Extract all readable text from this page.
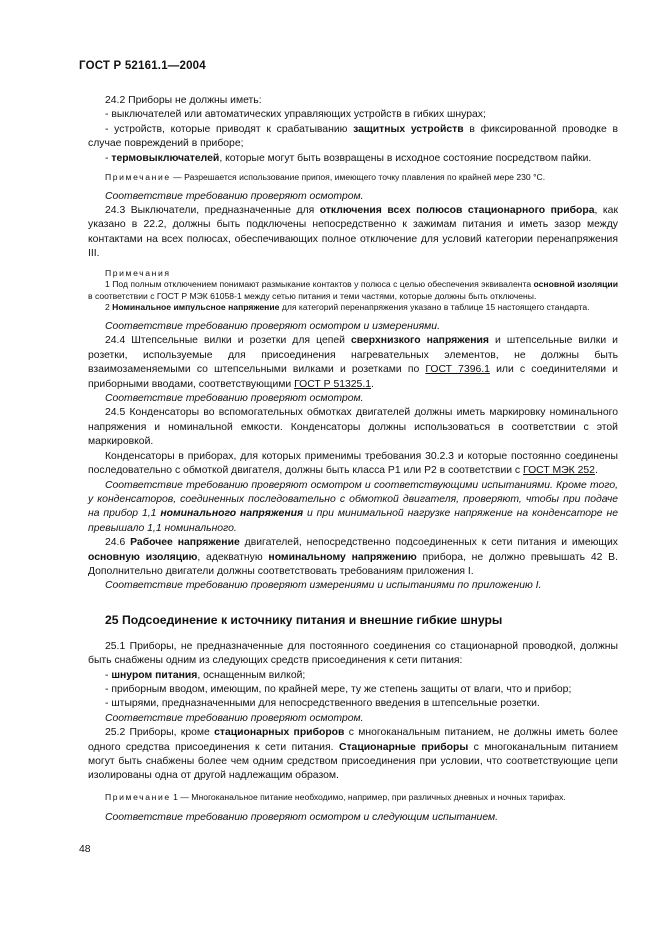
ГОСТ Р 52161.1—2004

24.2 Приборы не должны иметь:

- выключателей или автоматических управляющих устройств в гибких шнурах;

- устройств, которые приводят к срабатыванию защитных устройств в фиксированной проводке в случае повреждений в приборе;

- термовыключателей, которые могут быть возвращены в исходное состояние посредством пайки.

Примечание — Разрешается использование припоя, имеющего точку плавления по крайней мере 230 °С.

Соответствие требованию проверяют осмотром.

24.3 Выключатели, предназначенные для отключения всех полюсов стационарного прибора, как указано в 22.2, должны быть подключены непосредственно к зажимам питания и иметь зазор между контактами на всех полюсах, обеспечивающих полное отключение для условий категории перенапряжения III.

Примечания

1 Под полным отключением понимают размыкание контактов у полюса с целью обеспечения эквивалента основной изоляции в соответствии с ГОСТ Р МЭК 61058-1 между сетью питания и теми частями, которые должны быть отключены.

2 Номинальное импульсное напряжение для категорий перенапряжения указано в таблице 15 настоящего стандарта.

Соответствие требованию проверяют осмотром и измерениями.

24.4 Штепсельные вилки и розетки для цепей сверхнизкого напряжения и штепсельные вилки и розетки, используемые для присоединения нагревательных элементов, не должны быть взаимозаменяемыми со штепсельными вилками и розетками по ГОСТ 7396.1 или с соединителями и приборными вводами, соответствующими ГОСТ Р 51325.1.

Соответствие требованию проверяют осмотром.

24.5 Конденсаторы во вспомогательных обмотках двигателей должны иметь маркировку номинального напряжения и номинальной емкости. Конденсаторы должны использоваться в соответствии с этой маркировкой.

Конденсаторы в приборах, для которых применимы требования 30.2.3 и которые постоянно соединены последовательно с обмоткой двигателя, должны быть класса Р1 или Р2 в соответствии с ГОСТ МЭК 252.

Соответствие требованию проверяют осмотром и соответствующими испытаниями. Кроме того, у конденсаторов, соединенных последовательно с обмоткой двигателя, проверяют, чтобы при подаче на прибор 1,1 номинального напряжения и при минимальной нагрузке напряжение на конденсаторе не превышало 1,1 номинального.

24.6 Рабочее напряжение двигателей, непосредственно подсоединенных к сети питания и имеющих основную изоляцию, адекватную номинальному напряжению прибора, не должно превышать 42 В. Дополнительно двигатели должны соответствовать требованиям приложения I.

Соответствие требованию проверяют измерениями и испытаниями по приложению I.

25 Подсоединение к источнику питания и внешние гибкие шнуры

25.1 Приборы, не предназначенные для постоянного соединения со стационарной проводкой, должны быть снабжены одним из следующих средств присоединения к сети питания:

- шнуром питания, оснащенным вилкой;

- приборным вводом, имеющим, по крайней мере, ту же степень защиты от влаги, что и прибор;

- штырями, предназначенными для непосредственного введения в штепсельные розетки.

Соответствие требованию проверяют осмотром.

25.2 Приборы, кроме стационарных приборов с многоканальным питанием, не должны иметь более одного средства присоединения к сети питания. Стационарные приборы с многоканальным питанием могут быть снабжены более чем одним средством присоединения при условии, что соответствующие цепи изолированы одна от другой надлежащим образом.

Примечание 1 — Многоканальное питание необходимо, например, при различных дневных и ночных тарифах.

Соответствие требованию проверяют осмотром и следующим испытанием.

48
